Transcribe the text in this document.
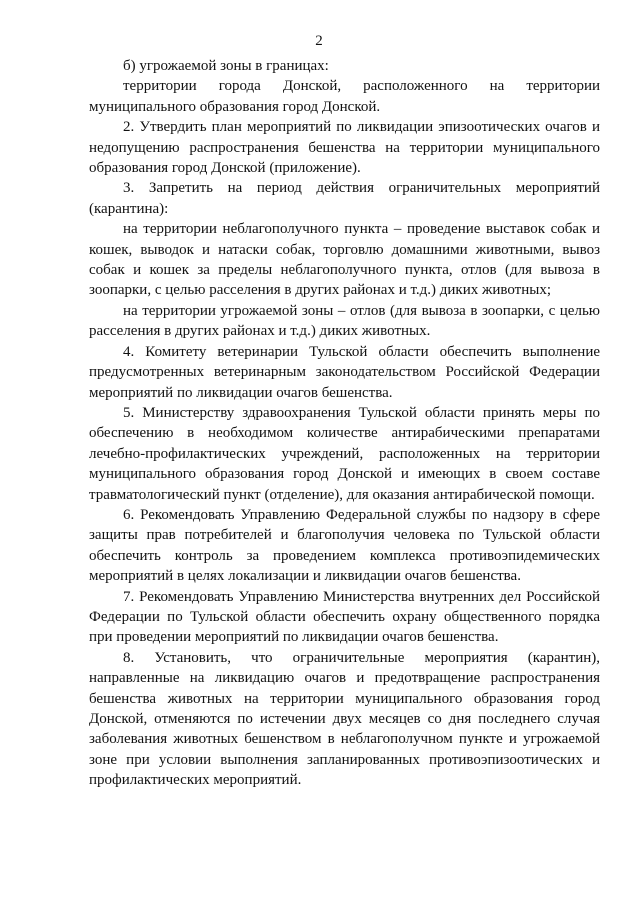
2

б) угрожаемой зоны в границах:

территории города Донской, расположенного на территории муниципального образования город Донской.

2. Утвердить план мероприятий по ликвидации эпизоотических очагов и недопущению распространения бешенства на территории муниципального образования город Донской (приложение).

3. Запретить на период действия ограничительных мероприятий (карантина):

на территории неблагополучного пункта – проведение выставок собак и кошек, выводок и натаски собак, торговлю домашними животными, вывоз собак и кошек за пределы неблагополучного пункта, отлов (для вывоза в зоопарки, с целью расселения в других районах и т.д.) диких животных;

на территории угрожаемой зоны – отлов (для вывоза в зоопарки, с целью расселения в других районах и т.д.) диких животных.

4. Комитету ветеринарии Тульской области обеспечить выполнение предусмотренных ветеринарным законодательством Российской Федерации мероприятий по ликвидации очагов бешенства.

5. Министерству здравоохранения Тульской области принять меры по обеспечению в необходимом количестве антирабическими препаратами лечебно-профилактических учреждений, расположенных на территории муниципального образования город Донской и имеющих в своем составе травматологический пункт (отделение), для оказания антирабической помощи.

6. Рекомендовать Управлению Федеральной службы по надзору в сфере защиты прав потребителей и благополучия человека по Тульской области обеспечить контроль за проведением комплекса противоэпидемических мероприятий в целях локализации и ликвидации очагов бешенства.

7. Рекомендовать Управлению Министерства внутренних дел Российской Федерации по Тульской области обеспечить охрану общественного порядка при проведении мероприятий по ликвидации очагов бешенства.

8. Установить, что ограничительные мероприятия (карантин), направленные на ликвидацию очагов и предотвращение распространения бешенства животных на территории муниципального образования город Донской, отменяются по истечении двух месяцев со дня последнего случая заболевания животных бешенством в неблагополучном пункте и угрожаемой зоне при условии выполнения запланированных противоэпизоотических и профилактических мероприятий.
